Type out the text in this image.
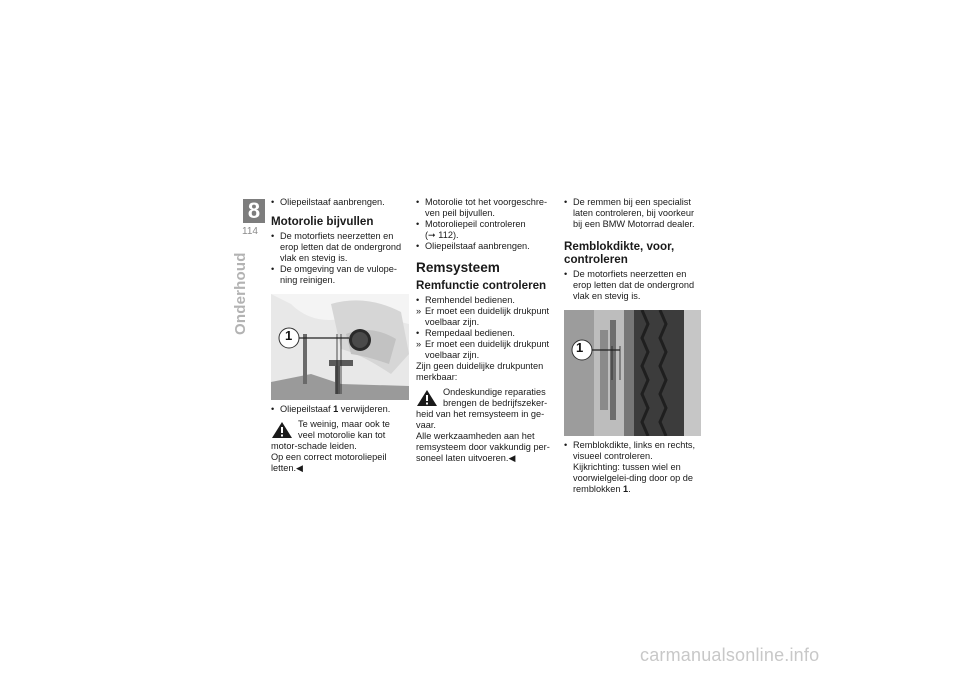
8
114
Onderhoud
• Oliepeilstaaf aanbrengen.
Motorolie bijvullen
• De motorfiets neerzetten en erop letten dat de ondergrond vlak en stevig is.
• De omgeving van de vulope-ning reinigen.
1
• Oliepeilstaaf 1 verwijderen.
Te weinig, maar ook te veel motorolie kan tot motor-schade leiden.
Op een correct motoroliepeil letten.◀
• Motorolie tot het voorgeschre-ven peil bijvullen.
• Motoroliepeil controleren
(➞ 112).
• Oliepeilstaaf aanbrengen.
Remsysteem
Remfunctie controleren
• Remhendel bedienen.
» Er moet een duidelijk drukpunt voelbaar zijn.
• Rempedaal bedienen.
» Er moet een duidelijk drukpunt voelbaar zijn.
Zijn geen duidelijke drukpunten merkbaar:
Ondeskundige reparaties brengen de bedrijfszeker-heid van het remsysteem in ge-vaar.
Alle werkzaamheden aan het remsysteem door vakkundig per-soneel laten uitvoeren.◀
• De remmen bij een specialist laten controleren, bij voorkeur bij een BMW Motorrad dealer.
Remblokdikte, voor, controleren
• De motorfiets neerzetten en erop letten dat de ondergrond vlak en stevig is.
1
• Remblokdikte, links en rechts, visueel controleren. Kijkrichting: tussen wiel en voorwielgelei-ding door op de remblokken 1.
carmanualsonline.info
